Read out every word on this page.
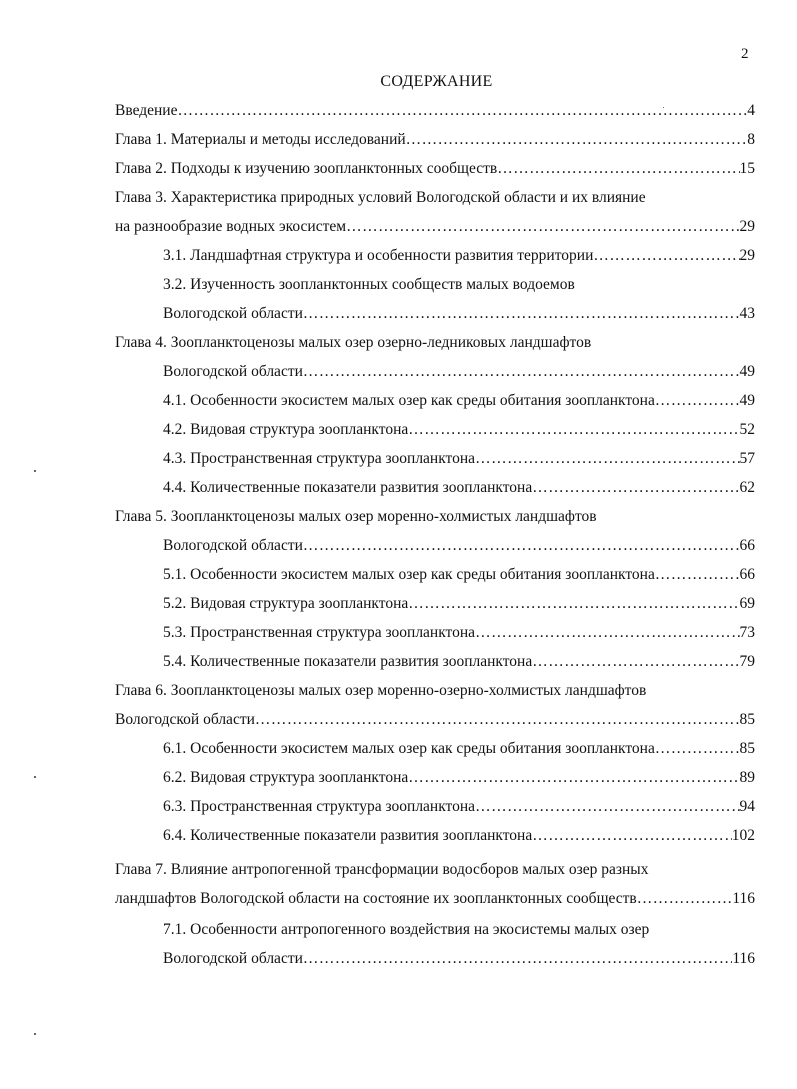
2
СОДЕРЖАНИЕ
Введение …………………………………………………………………………………………………………………………………………………………………………………………………	4
Глава 1. Материалы и методы исследований …………………………………………………………………………………………………………………………………………………………………………………………………	8
Глава 2. Подходы к изучению зоопланктонных сообществ …………………………………………………………………………………………………………………………………………………………………………………………………	15
Глава 3. Характеристика природных условий Вологодской области и их влияние
на разнообразие водных экосистем …………………………………………………………………………………………………………………………………………………………………………………………………	29
3.1. Ландшафтная структура и особенности развития территории …………………………………………………………………………………………………………………………………………………………………………………………………	29
3.2. Изученность зоопланктонных сообществ малых водоемов
Вологодской области …………………………………………………………………………………………………………………………………………………………………………………………………	43
Глава 4. Зоопланктоценозы малых озер озерно-ледниковых ландшафтов
Вологодской области …………………………………………………………………………………………………………………………………………………………………………………………………	49
4.1. Особенности экосистем малых озер как среды обитания зоопланктона …………………………………………………………………………………………………………………………………………………………………………………………………	49
4.2. Видовая структура зоопланктона …………………………………………………………………………………………………………………………………………………………………………………………………	52
4.3. Пространственная структура зоопланктона …………………………………………………………………………………………………………………………………………………………………………………………………	57
4.4. Количественные показатели развития зоопланктона …………………………………………………………………………………………………………………………………………………………………………………………………	62
Глава 5. Зоопланктоценозы малых озер моренно-холмистых ландшафтов
Вологодской области …………………………………………………………………………………………………………………………………………………………………………………………………	66
5.1. Особенности экосистем малых озер как среды обитания зоопланктона …………………………………………………………………………………………………………………………………………………………………………………………………	66
5.2. Видовая структура зоопланктона …………………………………………………………………………………………………………………………………………………………………………………………………	69
5.3. Пространственная структура зоопланктона …………………………………………………………………………………………………………………………………………………………………………………………………	73
5.4. Количественные показатели развития зоопланктона …………………………………………………………………………………………………………………………………………………………………………………………………	79
Глава 6. Зоопланктоценозы малых озер моренно-озерно-холмистых ландшафтов
Вологодской области …………………………………………………………………………………………………………………………………………………………………………………………………	85
6.1. Особенности экосистем малых озер как среды обитания зоопланктона …………………………………………………………………………………………………………………………………………………………………………………………………	85
6.2. Видовая структура зоопланктона …………………………………………………………………………………………………………………………………………………………………………………………………	89
6.3. Пространственная структура зоопланктона …………………………………………………………………………………………………………………………………………………………………………………………………	94
6.4. Количественные показатели развития зоопланктона …………………………………………………………………………………………………………………………………………………………………………………………………	102
Глава 7. Влияние антропогенной трансформации водосборов малых озер разных
ландшафтов Вологодской области на состояние их зоопланктонных сообществ …………………………………………………………………………………………………………………………………………………………………………………………………	116
7.1. Особенности антропогенного воздействия на экосистемы малых озер
Вологодской области …………………………………………………………………………………………………………………………………………………………………………………………………	116
